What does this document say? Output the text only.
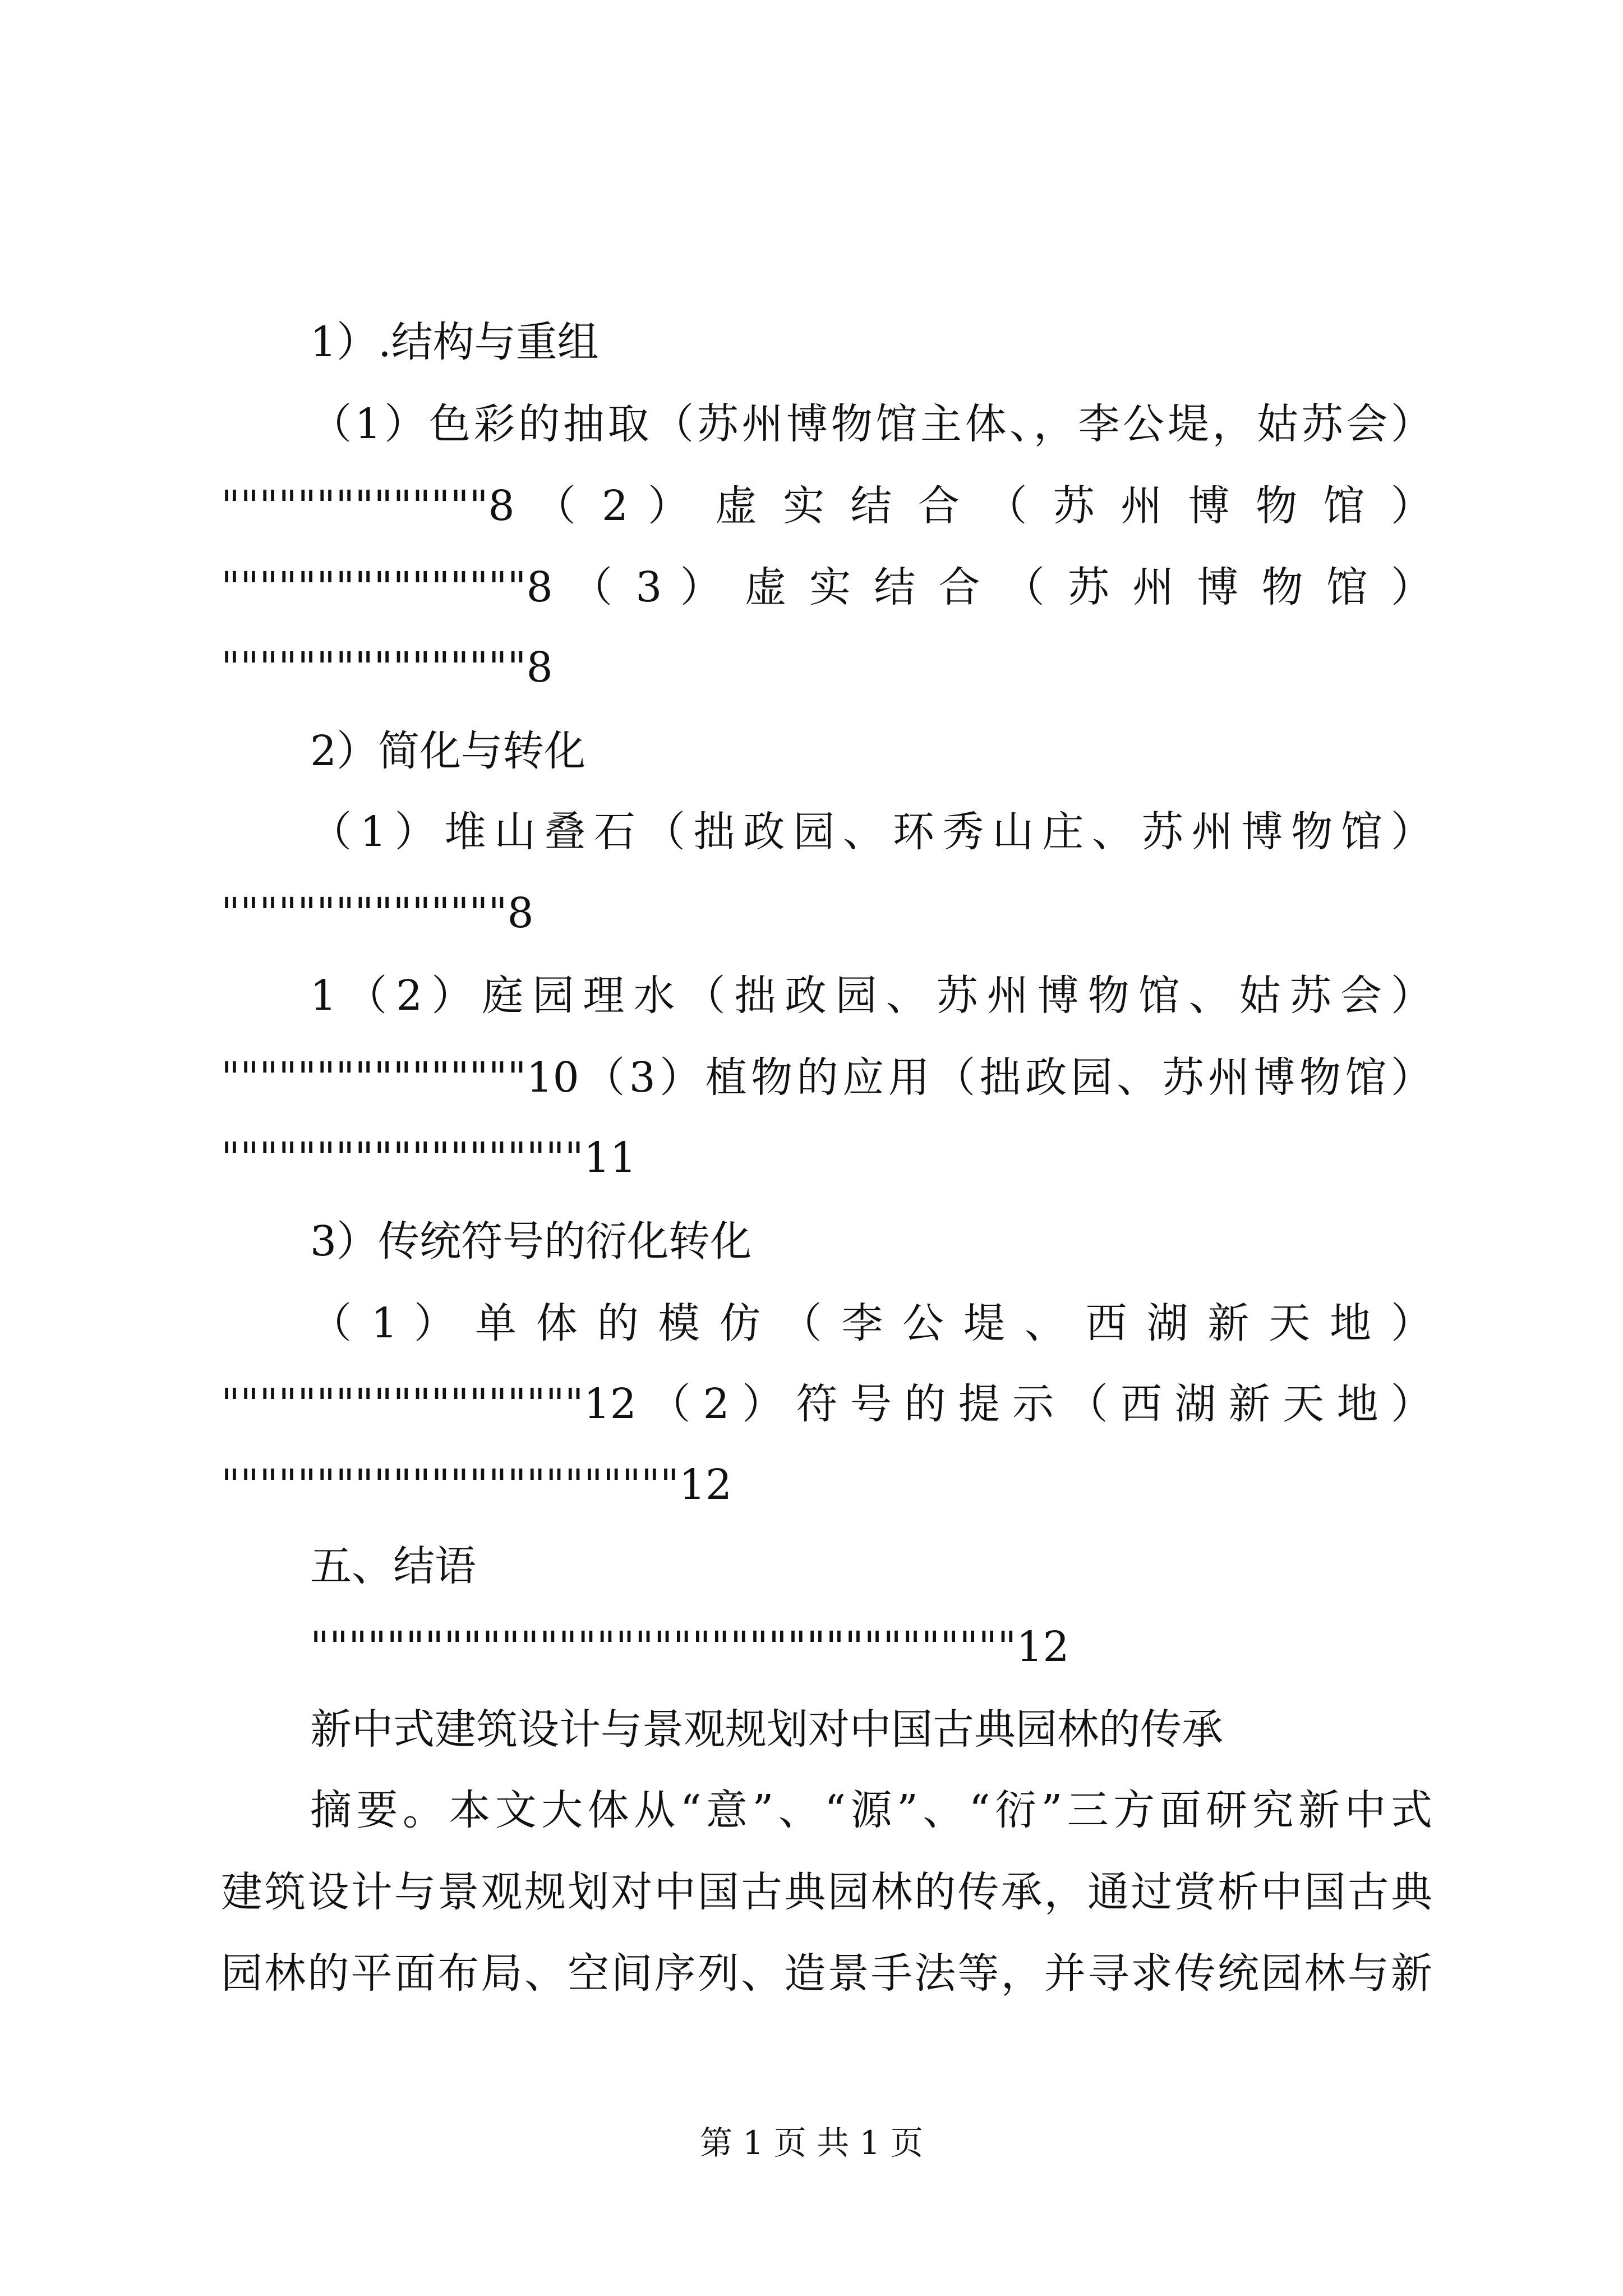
1）.结构与重组

（1）色彩的抽取（苏州博物馆主体、，李公堤，姑苏会）

""""""""""""""8 （ 2 ） 虚 实 结 合 （ 苏 州 博 物 馆 ）

""""""""""""""""8 （ 3 ） 虚 实 结 合 （ 苏 州 博 物 馆 ）

""""""""""""""""8

2）简化与转化

（1）堆山叠石（拙政园、环秀山庄、苏州博物馆）

"""""""""""""""8

1（2）庭园理水（拙政园、苏州博物馆、姑苏会）

""""""""""""""""10（3）植物的应用（拙政园、苏州博物馆）

"""""""""""""""""""11

3）传统符号的衍化转化

（ 1 ） 单 体 的 模 仿 （ 李 公 堤 、 西 湖 新 天 地 ）

"""""""""""""""""""12（2）符号的提示（西湖新天地）

""""""""""""""""""""""""12

五、结语

"""""""""""""""""""""""""""""""""""""12

新中式建筑设计与景观规划对中国古典园林的传承

摘要。本文大体从“意”、“源”、“衍”三方面研究新中式

建筑设计与景观规划对中国古典园林的传承，通过赏析中国古典

园林的平面布局、空间序列、造景手法等，并寻求传统园林与新

第 1 页 共 1 页
